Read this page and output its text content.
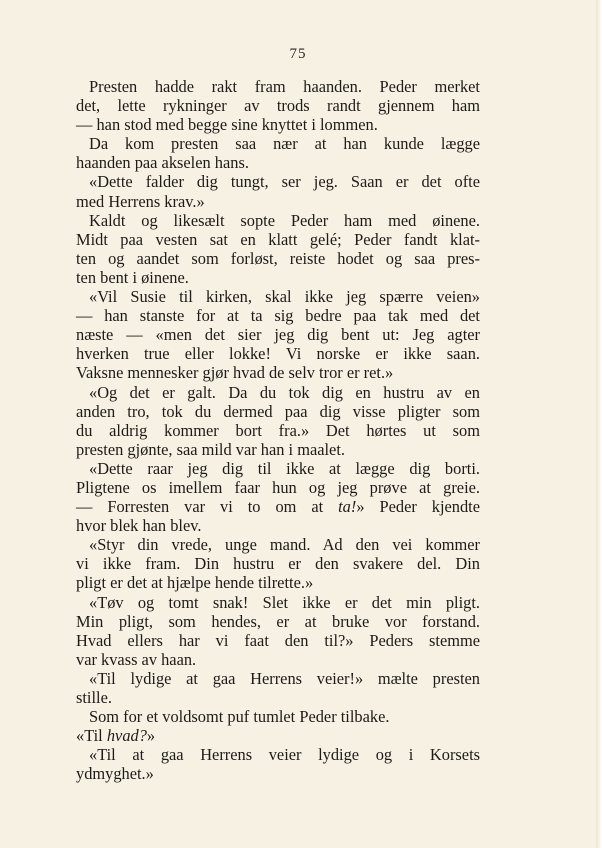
75
Presten hadde rakt fram haanden. Peder merket
det, lette rykninger av trods randt gjennem ham
— han stod med begge sine knyttet i lommen.
Da kom presten saa nær at han kunde lægge
haanden paa akselen hans.
«Dette falder dig tungt, ser jeg. Saan er det ofte
med Herrens krav.»
Kaldt og likesælt sopte Peder ham med øinene.
Midt paa vesten sat en klatt gelé; Peder fandt klat-
ten og aandet som forløst, reiste hodet og saa pres-
ten bent i øinene.
«Vil Susie til kirken, skal ikke jeg spærre veien»
— han stanste for at ta sig bedre paa tak med det
næste — «men det sier jeg dig bent ut: Jeg agter
hverken true eller lokke! Vi norske er ikke saan.
Vaksne mennesker gjør hvad de selv tror er ret.»
«Og det er galt. Da du tok dig en hustru av en
anden tro, tok du dermed paa dig visse pligter som
du aldrig kommer bort fra.» Det hørtes ut som
presten gjønte, saa mild var han i maalet.
«Dette raar jeg dig til ikke at lægge dig borti.
Pligtene os imellem faar hun og jeg prøve at greie.
— Forresten var vi to om at ta!» Peder kjendte
hvor blek han blev.
«Styr din vrede, unge mand. Ad den vei kommer
vi ikke fram. Din hustru er den svakere del. Din
pligt er det at hjælpe hende tilrette.»
«Tøv og tomt snak! Slet ikke er det min pligt.
Min pligt, som hendes, er at bruke vor forstand.
Hvad ellers har vi faat den til?» Peders stemme
var kvass av haan.
«Til lydige at gaa Herrens veier!» mælte presten
stille.
Som for et voldsomt puf tumlet Peder tilbake.
«Til hvad?»
«Til at gaa Herrens veier lydige og i Korsets
ydmyghet.»
